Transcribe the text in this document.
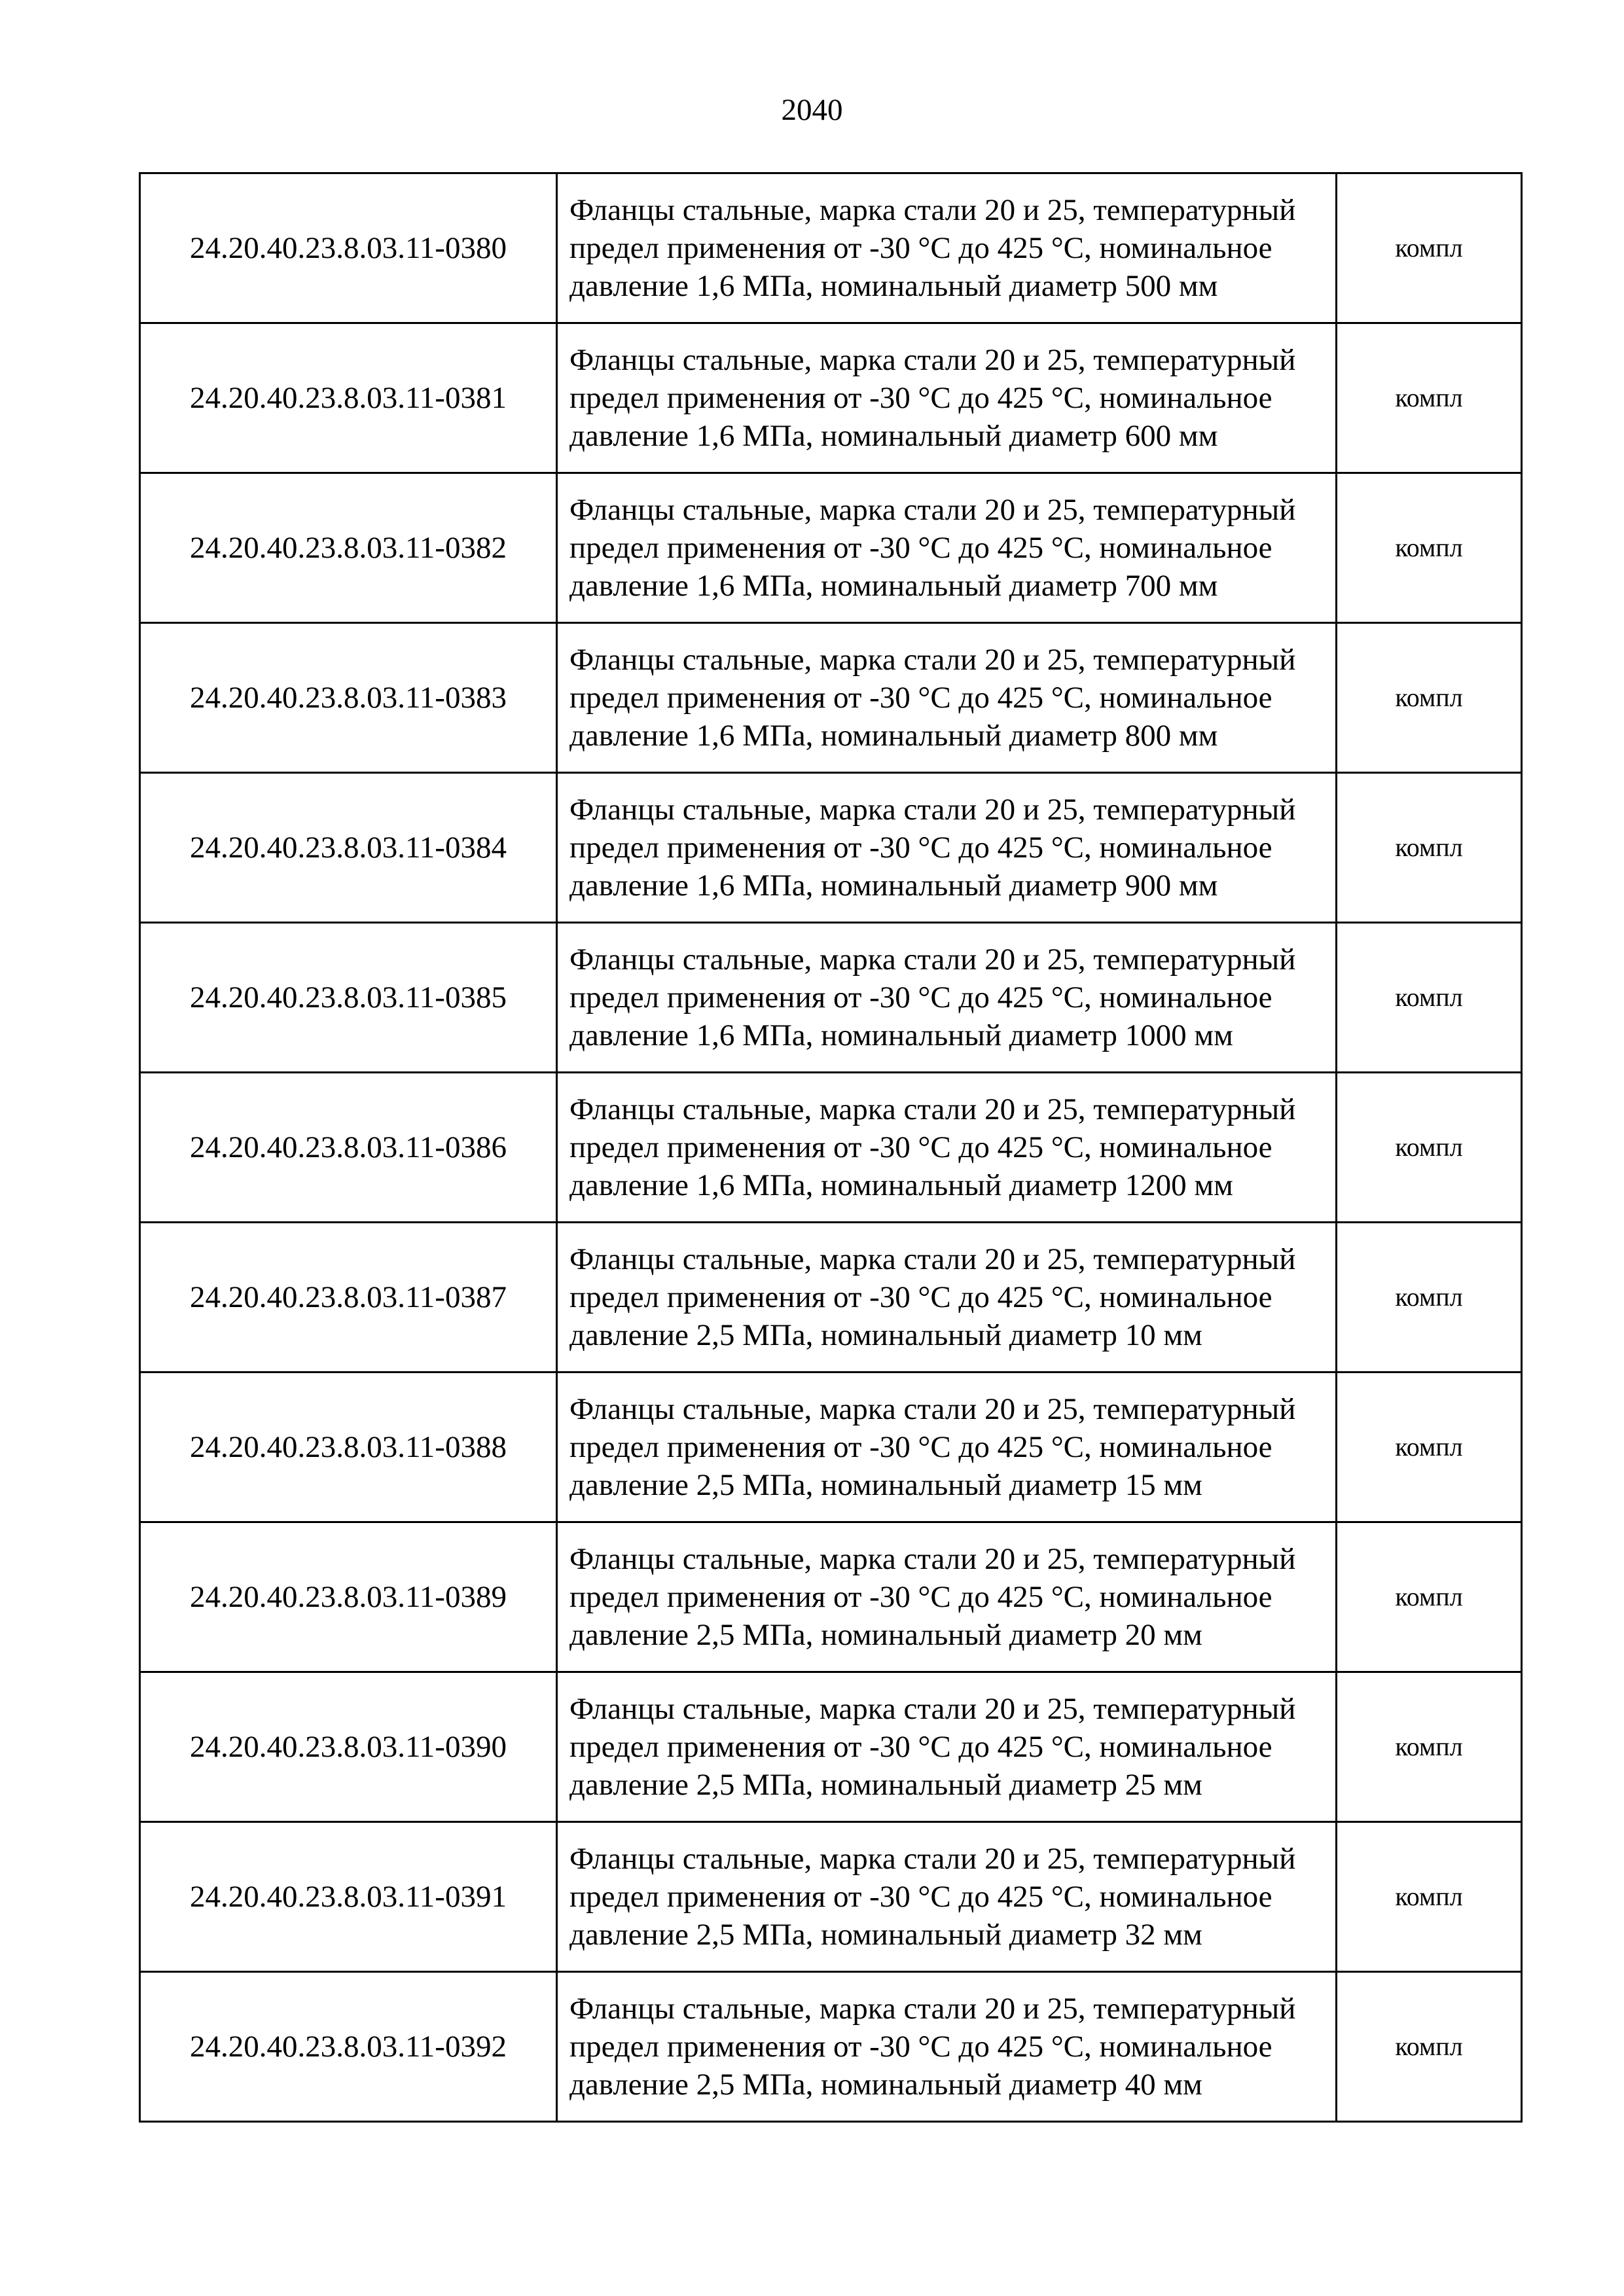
2040
24.20.40.23.8.03.11-0380	Фланцы стальные, марка стали 20 и 25, температурный предел применения от -30 °С до 425 °С, номинальное давление 1,6 МПа, номинальный диаметр 500 мм	компл
24.20.40.23.8.03.11-0381	Фланцы стальные, марка стали 20 и 25, температурный предел применения от -30 °С до 425 °С, номинальное давление 1,6 МПа, номинальный диаметр 600 мм	компл
24.20.40.23.8.03.11-0382	Фланцы стальные, марка стали 20 и 25, температурный предел применения от -30 °С до 425 °С, номинальное давление 1,6 МПа, номинальный диаметр 700 мм	компл
24.20.40.23.8.03.11-0383	Фланцы стальные, марка стали 20 и 25, температурный предел применения от -30 °С до 425 °С, номинальное давление 1,6 МПа, номинальный диаметр 800 мм	компл
24.20.40.23.8.03.11-0384	Фланцы стальные, марка стали 20 и 25, температурный предел применения от -30 °С до 425 °С, номинальное давление 1,6 МПа, номинальный диаметр 900 мм	компл
24.20.40.23.8.03.11-0385	Фланцы стальные, марка стали 20 и 25, температурный предел применения от -30 °С до 425 °С, номинальное давление 1,6 МПа, номинальный диаметр 1000 мм	компл
24.20.40.23.8.03.11-0386	Фланцы стальные, марка стали 20 и 25, температурный предел применения от -30 °С до 425 °С, номинальное давление 1,6 МПа, номинальный диаметр 1200 мм	компл
24.20.40.23.8.03.11-0387	Фланцы стальные, марка стали 20 и 25, температурный предел применения от -30 °С до 425 °С, номинальное давление 2,5 МПа, номинальный диаметр 10 мм	компл
24.20.40.23.8.03.11-0388	Фланцы стальные, марка стали 20 и 25, температурный предел применения от -30 °С до 425 °С, номинальное давление 2,5 МПа, номинальный диаметр 15 мм	компл
24.20.40.23.8.03.11-0389	Фланцы стальные, марка стали 20 и 25, температурный предел применения от -30 °С до 425 °С, номинальное давление 2,5 МПа, номинальный диаметр 20 мм	компл
24.20.40.23.8.03.11-0390	Фланцы стальные, марка стали 20 и 25, температурный предел применения от -30 °С до 425 °С, номинальное давление 2,5 МПа, номинальный диаметр 25 мм	компл
24.20.40.23.8.03.11-0391	Фланцы стальные, марка стали 20 и 25, температурный предел применения от -30 °С до 425 °С, номинальное давление 2,5 МПа, номинальный диаметр 32 мм	компл
24.20.40.23.8.03.11-0392	Фланцы стальные, марка стали 20 и 25, температурный предел применения от -30 °С до 425 °С, номинальное давление 2,5 МПа, номинальный диаметр 40 мм	компл
